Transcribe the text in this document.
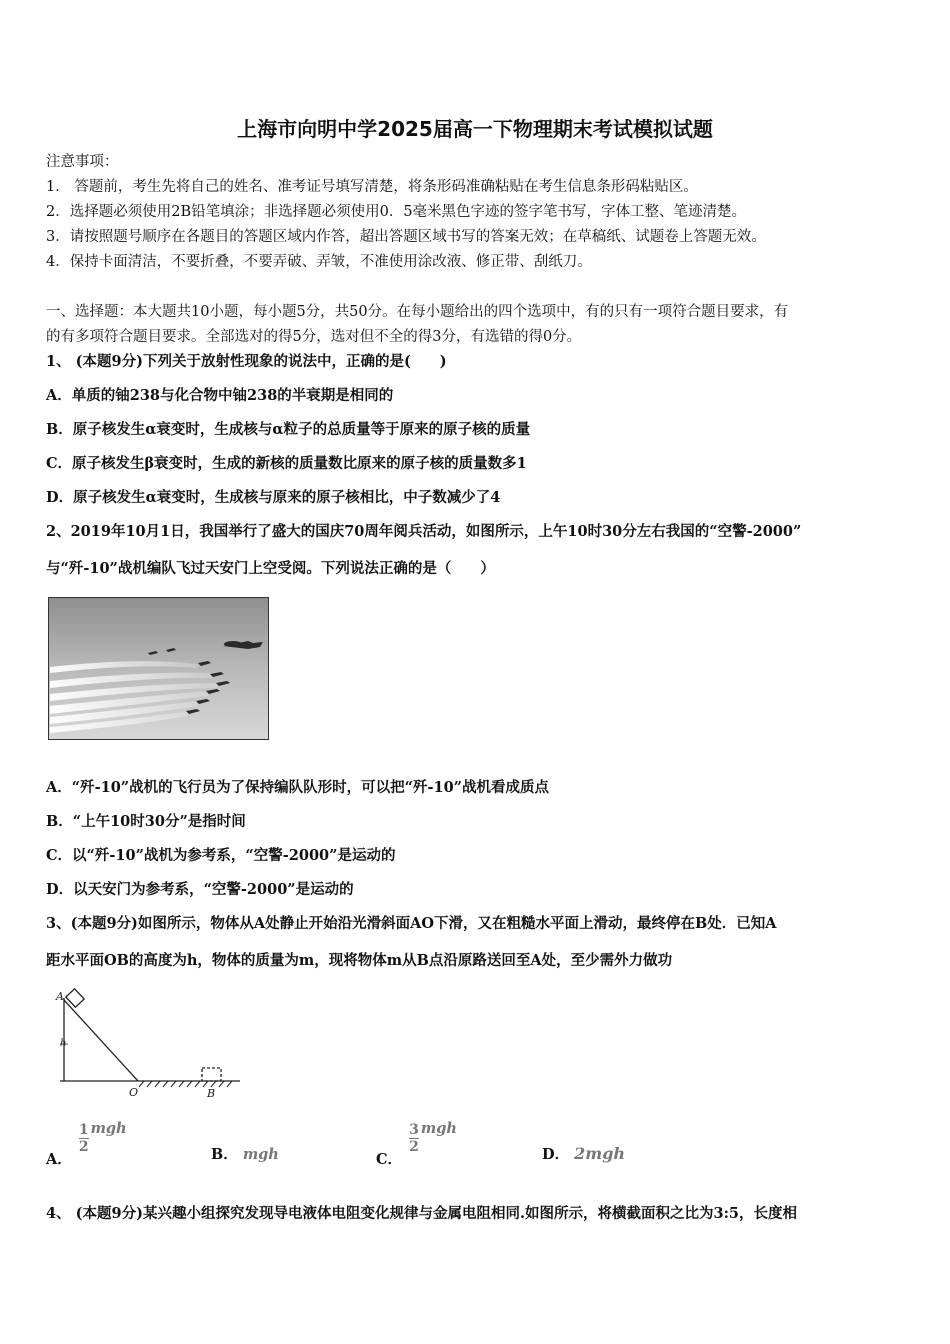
上海市向明中学2025届高一下物理期末考试模拟试题
注意事项：
1． 答题前，考生先将自己的姓名、准考证号填写清楚，将条形码准确粘贴在考生信息条形码粘贴区。
2．选择题必须使用2B铅笔填涂；非选择题必须使用0．5毫米黑色字迹的签字笔书写，字体工整、笔迹清楚。
3．请按照题号顺序在各题目的答题区域内作答，超出答题区域书写的答案无效；在草稿纸、试题卷上答题无效。
4．保持卡面清洁，不要折叠，不要弄破、弄皱，不准使用涂改液、修正带、刮纸刀。
一、选择题：本大题共10小题，每小题5分，共50分。在每小题给出的四个选项中，有的只有一项符合题目要求，有
的有多项符合题目要求。全部选对的得5分，选对但不全的得3分，有选错的得0分。
1、 (本题9分)下列关于放射性现象的说法中，正确的是(　　)
A．单质的铀238与化合物中铀238的半衰期是相同的
B．原子核发生α衰变时，生成核与α粒子的总质量等于原来的原子核的质量
C．原子核发生β衰变时，生成的新核的质量数比原来的原子核的质量数多1
D．原子核发生α衰变时，生成核与原来的原子核相比，中子数减少了4
2、2019年10月1日，我国举行了盛大的国庆70周年阅兵活动，如图所示，上午10时30分左右我国的“空警-2000”
与“歼-10”战机编队飞过天安门上空受阅。下列说法正确的是（　　）
A．“歼-10”战机的飞行员为了保持编队队形时，可以把“歼-10”战机看成质点
B．“上午10时30分”是指时间
C．以“歼-10”战机为参考系，“空警-2000”是运动的
D．以天安门为参考系，“空警-2000”是运动的
3、(本题9分)如图所示，物体从A处静止开始沿光滑斜面AO下滑，又在粗糙水平面上滑动，最终停在B处．已知A
距水平面OB的高度为h，物体的质量为m，现将物体m从B点沿原路送回至A处，至少需外力做功
A
h
O	B
A．
$\frac{1}{2}$ mgh
B． mgh	C．
$\frac{3}{2}$ mgh
D． 2mgh
4、 (本题9分)某兴趣小组探究发现导电液体电阻变化规律与金属电阻相同.如图所示，将横截面积之比为3:5，长度相
